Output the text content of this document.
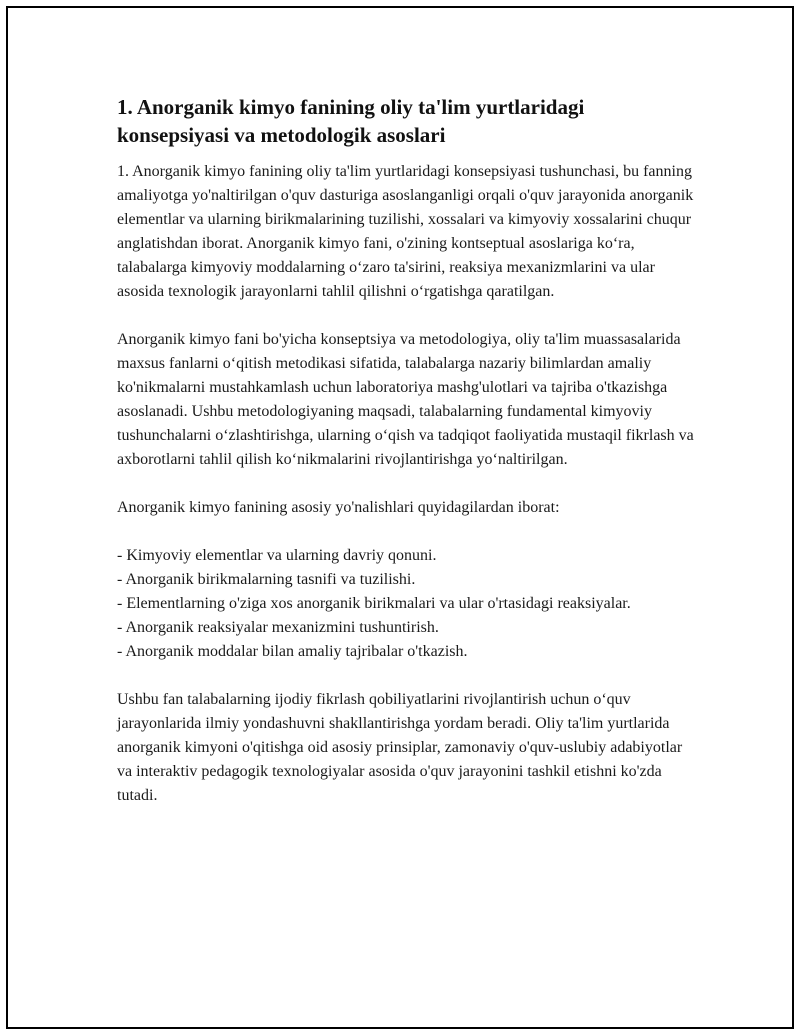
1. Anorganik kimyo fanining oliy ta'lim yurtlaridagi konsepsiyasi va metodologik asoslari

1. Anorganik kimyo fanining oliy ta'lim yurtlaridagi konsepsiyasi tushunchasi, bu fanning amaliyotga yo'naltirilgan o'quv dasturiga asoslanganligi orqali o'quv jarayonida anorganik elementlar va ularning birikmalarining tuzilishi, xossalari va kimyoviy xossalarini chuqur anglatishdan iborat. Anorganik kimyo fani, o'zining kontseptual asoslariga ko‘ra, talabalarga kimyoviy moddalarning o‘zaro ta'sirini, reaksiya mexanizmlarini va ular asosida texnologik jarayonlarni tahlil qilishni o‘rgatishga qaratilgan.

Anorganik kimyo fani bo'yicha konseptsiya va metodologiya, oliy ta'lim muassasalarida maxsus fanlarni o‘qitish metodikasi sifatida, talabalarga nazariy bilimlardan amaliy ko'nikmalarni mustahkamlash uchun laboratoriya mashg'ulotlari va tajriba o'tkazishga asoslanadi. Ushbu metodologiyaning maqsadi, talabalarning fundamental kimyoviy tushunchalarni o‘zlashtirishga, ularning o‘qish va tadqiqot faoliyatida mustaqil fikrlash va axborotlarni tahlil qilish ko‘nikmalarini rivojlantirishga yo‘naltirilgan.

Anorganik kimyo fanining asosiy yo'nalishlari quyidagilardan iborat:

- Kimyoviy elementlar va ularning davriy qonuni.
- Anorganik birikmalarning tasnifi va tuzilishi.
- Elementlarning o'ziga xos anorganik birikmalari va ular o'rtasidagi reaksiyalar.
- Anorganik reaksiyalar mexanizmini tushuntirish.
- Anorganik moddalar bilan amaliy tajribalar o'tkazish.

Ushbu fan talabalarning ijodiy fikrlash qobiliyatlarini rivojlantirish uchun o‘quv jarayonlarida ilmiy yondashuvni shakllantirishga yordam beradi. Oliy ta'lim yurtlarida anorganik kimyoni o'qitishga oid asosiy prinsiplar, zamonaviy o'quv-uslubiy adabiyotlar va interaktiv pedagogik texnologiyalar asosida o'quv jarayonini tashkil etishni ko'zda tutadi.
